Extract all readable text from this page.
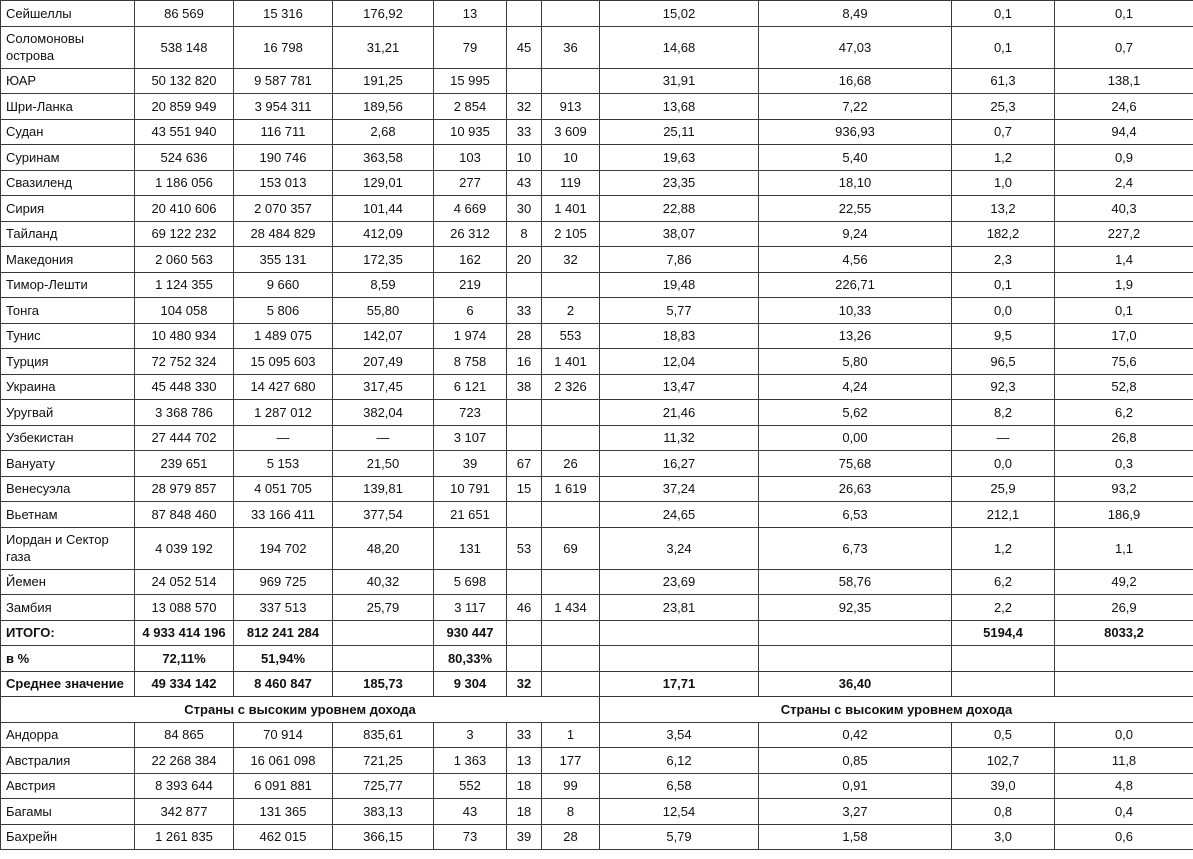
Сейшеллы	86 569	15 316	176,92	13			15,02	8,49	0,1	0,1
Соломоновы острова	538 148	16 798	31,21	79	45	36	14,68	47,03	0,1	0,7
ЮАР	50 132 820	9 587 781	191,25	15 995			31,91	16,68	61,3	138,1
Шри-Ланка	20 859 949	3 954 311	189,56	2 854	32	913	13,68	7,22	25,3	24,6
Судан	43 551 940	116 711	2,68	10 935	33	3 609	25,11	936,93	0,7	94,4
Суринам	524 636	190 746	363,58	103	10	10	19,63	5,40	1,2	0,9
Свазиленд	1 186 056	153 013	129,01	277	43	119	23,35	18,10	1,0	2,4
Сирия	20 410 606	2 070 357	101,44	4 669	30	1 401	22,88	22,55	13,2	40,3
Тайланд	69 122 232	28 484 829	412,09	26 312	8	2 105	38,07	9,24	182,2	227,2
Македония	2 060 563	355 131	172,35	162	20	32	7,86	4,56	2,3	1,4
Тимор-Лешти	1 124 355	9 660	8,59	219			19,48	226,71	0,1	1,9
Тонга	104 058	5 806	55,80	6	33	2	5,77	10,33	0,0	0,1
Тунис	10 480 934	1 489 075	142,07	1 974	28	553	18,83	13,26	9,5	17,0
Турция	72 752 324	15 095 603	207,49	8 758	16	1 401	12,04	5,80	96,5	75,6
Украина	45 448 330	14 427 680	317,45	6 121	38	2 326	13,47	4,24	92,3	52,8
Уругвай	3 368 786	1 287 012	382,04	723			21,46	5,62	8,2	6,2
Узбекистан	27 444 702	—	—	3 107			11,32	0,00	—	26,8
Вануату	239 651	5 153	21,50	39	67	26	16,27	75,68	0,0	0,3
Венесуэла	28 979 857	4 051 705	139,81	10 791	15	1 619	37,24	26,63	25,9	93,2
Вьетнам	87 848 460	33 166 411	377,54	21 651			24,65	6,53	212,1	186,9
Иордан и Сектор газа	4 039 192	194 702	48,20	131	53	69	3,24	6,73	1,2	1,1
Йемен	24 052 514	969 725	40,32	5 698			23,69	58,76	6,2	49,2
Замбия	13 088 570	337 513	25,79	3 117	46	1 434	23,81	92,35	2,2	26,9
ИТОГО:	4 933 414 196	812 241 284		930 447					5194,4	8033,2
в %	72,11%	51,94%		80,33%						
Среднее значение	49 334 142	8 460 847	185,73	9 304	32		17,71	36,40		
Страны с высоким уровнем дохода							Страны с высоким уровнем дохода			
Андорра	84 865	70 914	835,61	3	33	1	3,54	0,42	0,5	0,0
Австралия	22 268 384	16 061 098	721,25	1 363	13	177	6,12	0,85	102,7	11,8
Австрия	8 393 644	6 091 881	725,77	552	18	99	6,58	0,91	39,0	4,8
Багамы	342 877	131 365	383,13	43	18	8	12,54	3,27	0,8	0,4
Бахрейн	1 261 835	462 015	366,15	73	39	28	5,79	1,58	3,0	0,6
